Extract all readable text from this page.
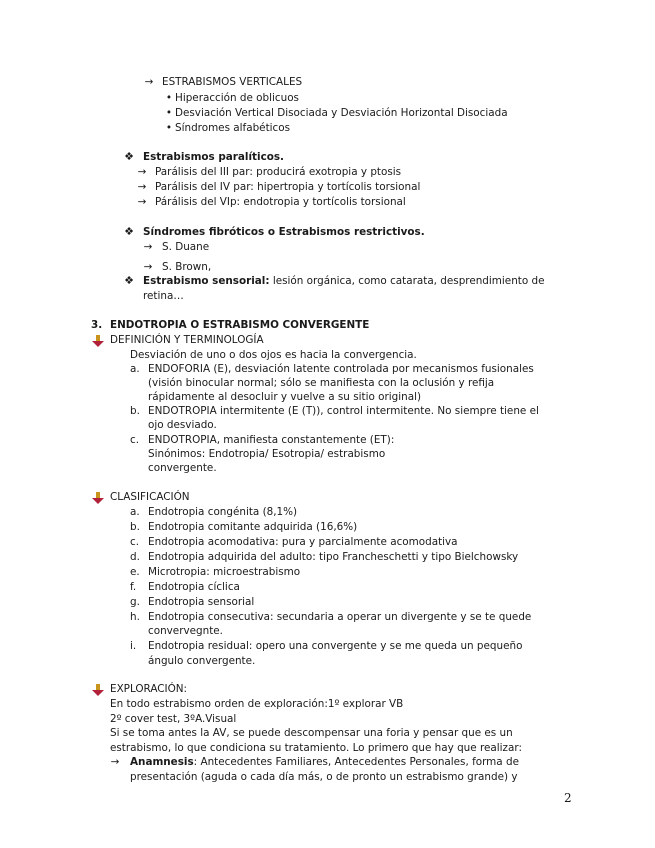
→ ESTRABISMOS VERTICALES
• Hiperacción de oblicuos
• Desviación Vertical Disociada y Desviación Horizontal Disociada
• Síndromes alfabéticos
❖ Estrabismos paralíticos.
→ Parálisis del III par: producirá exotropia y ptosis
→ Parálisis del IV par: hipertropia y tortícolis torsional
→ Párálisis del VIp: endotropia y tortícolis torsional
❖ Síndromes fibróticos o Estrabismos restrictivos.
→ S. Duane
→ S. Brown,
❖ Estrabismo sensorial: lesión orgánica, como catarata, desprendimiento de
retina…
3. ENDOTROPIA O ESTRABISMO CONVERGENTE
DEFINICIÓN Y TERMINOLOGÍA
Desviación de uno o dos ojos es hacia la convergencia.
a. ENDOFORIA (E), desviación latente controlada por mecanismos fusionales
(visión binocular normal; sólo se manifiesta con la oclusión y refija
rápidamente al desocluir y vuelve a su sitio original)
b. ENDOTROPIA intermitente (E (T)), control intermitente. No siempre tiene el
ojo desviado.
c. ENDOTROPIA, manifiesta constantemente (ET):
Sinónimos: Endotropia/ Esotropia/ estrabismo
convergente.
CLASIFICACIÓN
a. Endotropia congénita (8,1%)
b. Endotropia comitante adquirida (16,6%)
c. Endotropia acomodativa: pura y parcialmente acomodativa
d. Endotropia adquirida del adulto: tipo Francheschetti y tipo Bielchowsky
e. Microtropia: microestrabismo
f. Endotropia cíclica
g. Endotropia sensorial
h. Endotropia consecutiva: secundaria a operar un divergente y se te quede
convervegnte.
i. Endotropia residual: opero una convergente y se me queda un pequeño
ángulo convergente.
EXPLORACIÓN:
En todo estrabismo orden de exploración:1º explorar VB
2º cover test, 3ºA.Visual
Si se toma antes la AV, se puede descompensar una foria y pensar que es un
estrabismo, lo que condiciona su tratamiento. Lo primero que hay que realizar:
→ Anamnesis: Antecedentes Familiares, Antecedentes Personales, forma de
presentación (aguda o cada día más, o de pronto un estrabismo grande) y
2
